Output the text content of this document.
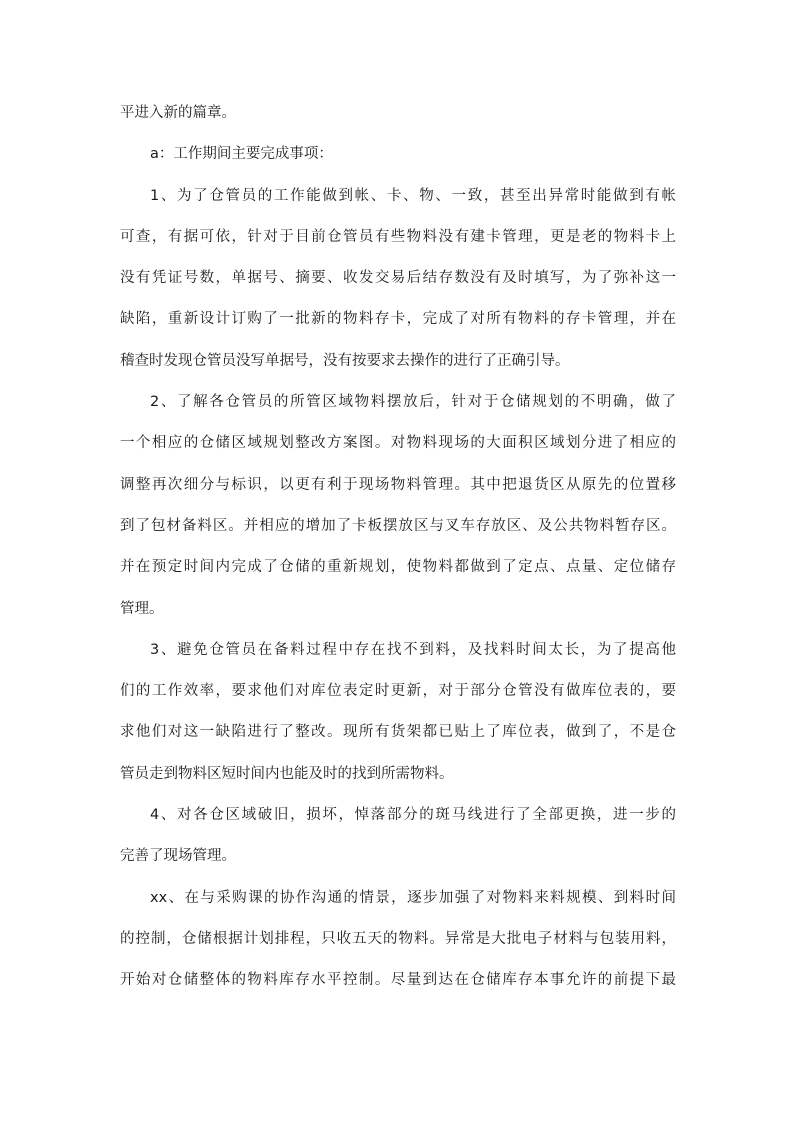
平进入新的篇章。
a：工作期间主要完成事项：
1、为了仓管员的工作能做到帐、卡、物、一致，甚至出异常时能做到有帐
可查，有据可依，针对于目前仓管员有些物料没有建卡管理，更是老的物料卡上
没有凭证号数，单据号、摘要、收发交易后结存数没有及时填写，为了弥补这一
缺陷，重新设计订购了一批新的物料存卡，完成了对所有物料的存卡管理，并在
稽查时发现仓管员没写单据号，没有按要求去操作的进行了正确引导。
2、了解各仓管员的所管区域物料摆放后，针对于仓储规划的不明确，做了
一个相应的仓储区域规划整改方案图。对物料现场的大面积区域划分进了相应的
调整再次细分与标识，以更有利于现场物料管理。其中把退货区从原先的位置移
到了包材备料区。并相应的增加了卡板摆放区与叉车存放区、及公共物料暂存区。
并在预定时间内完成了仓储的重新规划，使物料都做到了定点、点量、定位储存
管理。
3、避免仓管员在备料过程中存在找不到料，及找料时间太长，为了提高他
们的工作效率，要求他们对库位表定时更新，对于部分仓管没有做库位表的，要
求他们对这一缺陷进行了整改。现所有货架都已贴上了库位表，做到了，不是仓
管员走到物料区短时间内也能及时的找到所需物料。
4、对各仓区域破旧，损坏，悼落部分的斑马线进行了全部更换，进一步的
完善了现场管理。
xx、在与采购课的协作沟通的情景，逐步加强了对物料来料规模、到料时间
的控制，仓储根据计划排程，只收五天的物料。异常是大批电子材料与包装用料，
开始对仓储整体的物料库存水平控制。尽量到达在仓储库存本事允许的前提下最
